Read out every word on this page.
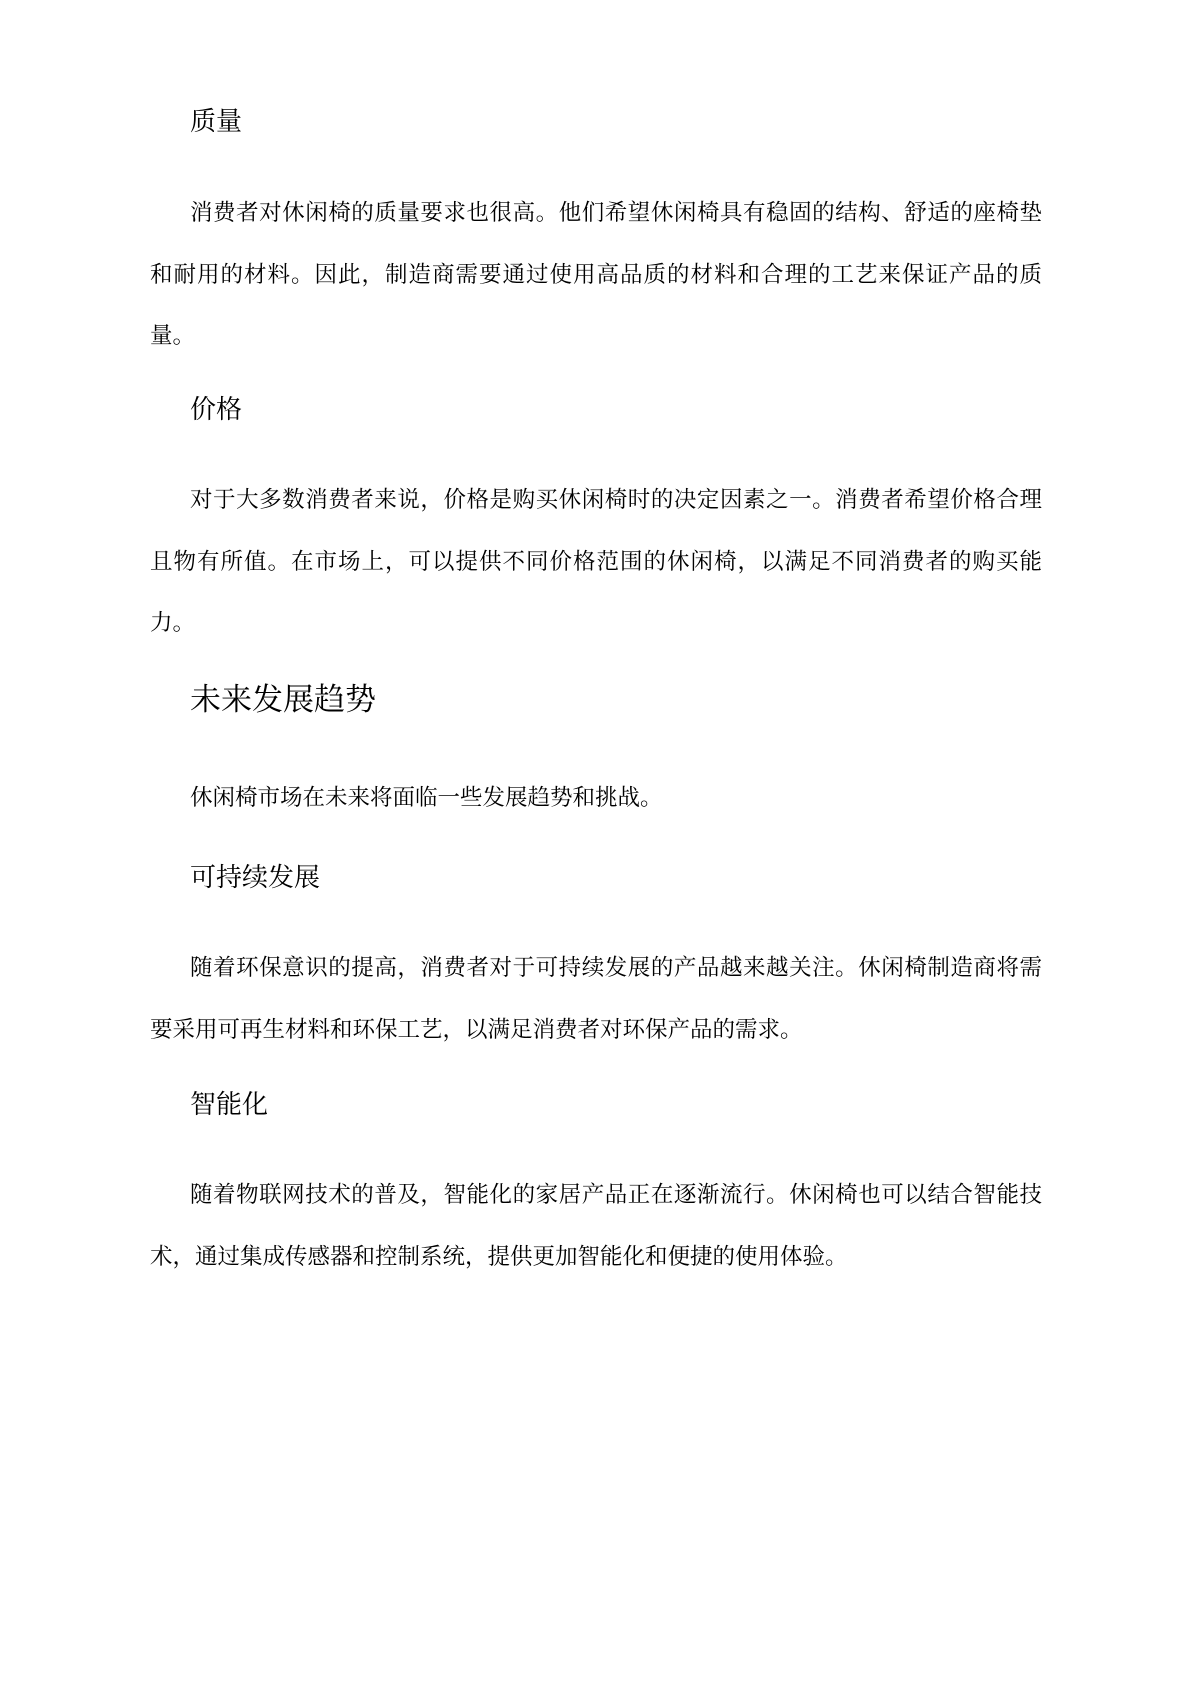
质量

消费者对休闲椅的质量要求也很高。他们希望休闲椅具有稳固的结构、舒适的座椅垫和耐用的材料。因此，制造商需要通过使用高品质的材料和合理的工艺来保证产品的质量。

价格

对于大多数消费者来说，价格是购买休闲椅时的决定因素之一。消费者希望价格合理且物有所值。在市场上，可以提供不同价格范围的休闲椅，以满足不同消费者的购买能力。

未来发展趋势

休闲椅市场在未来将面临一些发展趋势和挑战。

可持续发展

随着环保意识的提高，消费者对于可持续发展的产品越来越关注。休闲椅制造商将需要采用可再生材料和环保工艺，以满足消费者对环保产品的需求。

智能化

随着物联网技术的普及，智能化的家居产品正在逐渐流行。休闲椅也可以结合智能技术，通过集成传感器和控制系统，提供更加智能化和便捷的使用体验。
